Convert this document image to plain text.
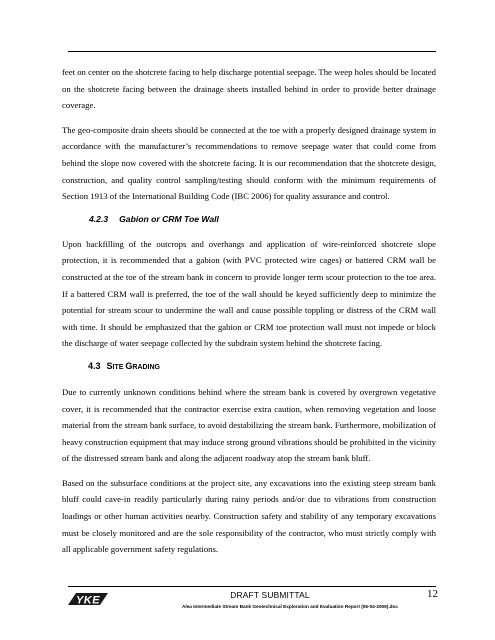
feet on center on the shotcrete facing to help discharge potential seepage. The weep holes should be located on the shotcrete facing between the drainage sheets installed behind in order to provide better drainage coverage.

The geo-composite drain sheets should be connected at the toe with a properly designed drainage system in accordance with the manufacturer’s recommendations to remove seepage water that could come from behind the slope now covered with the shotcrete facing. It is our recommendation that the shotcrete design, construction, and quality control sampling/testing should conform with the minimum requirements of Section 1913 of the International Building Code (IBC 2006) for quality assurance and control.

4.2.3 Gabion or CRM Toe Wall

Upon backfilling of the outcrops and overhangs and application of wire-reinforced shotcrete slope protection, it is recommended that a gabion (with PVC protected wire cages) or battered CRM wall be constructed at the toe of the stream bank in concern to provide longer term scour protection to the toe area. If a battered CRM wall is preferred, the toe of the wall should be keyed sufficiently deep to minimize the potential for stream scour to undermine the wall and cause possible toppling or distress of the CRM wall with time. It should be emphasized that the gabion or CRM toe protection wall must not impede or block the discharge of water seepage collected by the subdrain system behind the shotcrete facing.

4.3 SITE GRADING

Due to currently unknown conditions behind where the stream bank is covered by overgrown vegetative cover, it is recommended that the contractor exercise extra caution, when removing vegetation and loose material from the stream bank surface, to avoid destabilizing the stream bank. Furthermore, mobilization of heavy construction equipment that may induce strong ground vibrations should be prohibited in the vicinity of the distressed stream bank and along the adjacent roadway atop the stream bank bluff.

Based on the subsurface conditions at the project site, any excavations into the existing steep stream bank bluff could cave-in readily particularly during rainy periods and/or due to vibrations from construction loadings or other human activities nearby. Construction safety and stability of any temporary excavations must be closely monitored and are the sole responsibility of the contractor, who must strictly comply with all applicable government safety regulations.

YKE	DRAFT SUBMITTAL	12
Alea Intermediate Stream Bank Geotechnical Exploration and Evaluation Report (06-04-2009).doc
